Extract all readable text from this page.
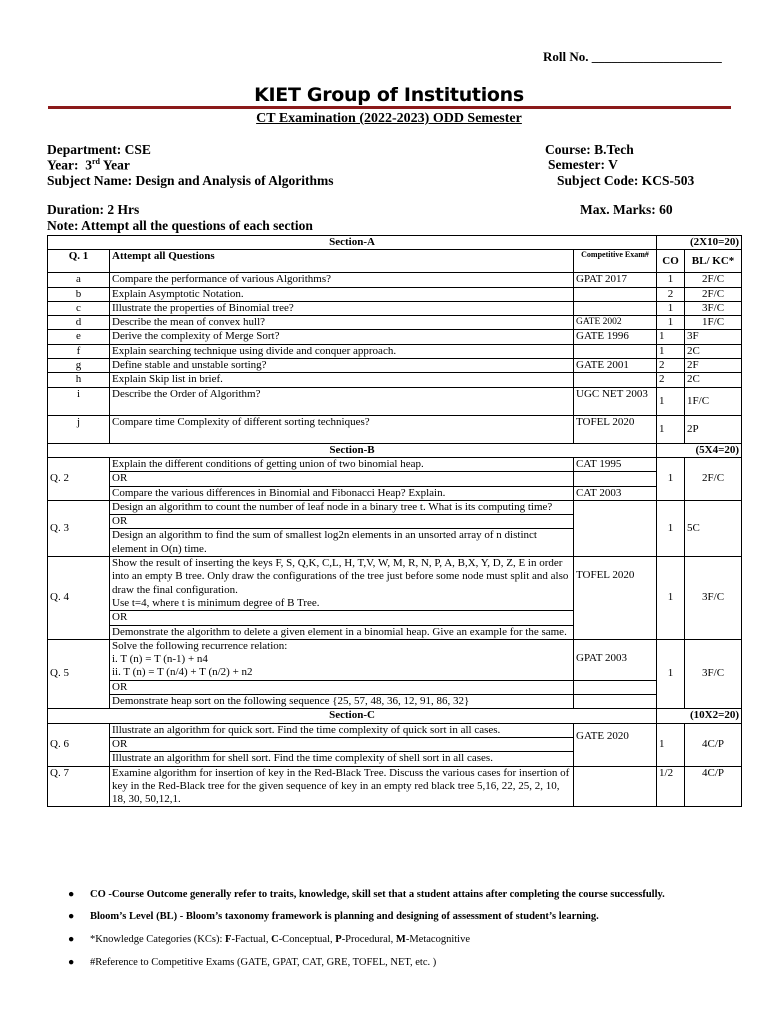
Roll No. ____________________
KIET Group of Institutions
CT Examination (2022-2023) ODD Semester
Department: CSE
Year:  3rd Year
Subject Name: Design and Analysis of Algorithms
Course: B.Tech
Semester: V
Subject Code: KCS-503
Duration: 2 Hrs	Max. Marks: 60
Note: Attempt all the questions of each section
Section-A			(2X10=20)	
Q. 1	Attempt all Questions	Competitive Exam#	CO	BL/ KC*
a	Compare the performance of various Algorithms?	GPAT 2017	1	2F/C
b	Explain Asymptotic Notation.		2	2F/C
c	Illustrate the properties of Binomial tree?		1	3F/C
d	Describe the mean of convex hull?	GATE 2002	1	1F/C
e	Derive the complexity of Merge Sort?	GATE 1996	1	3F
f	Explain searching technique using divide and conquer approach.		1	2C
g	Define stable and unstable sorting?	GATE 2001	2	2F
h	Explain Skip list in brief.		2	2C
i	Describe the Order of Algorithm?	UGC NET 2003	1	1F/C
j	Compare time Complexity of different sorting techniques?	TOFEL 2020	1	2P
Section-B			(5X4=20)	
Q. 2	Explain the different conditions of getting union of two binomial heap.	CAT 1995	1	2F/C
	OR			
	Compare the various differences in Binomial and Fibonacci Heap? Explain.	CAT 2003		
Q. 3	Design an algorithm to count the number of leaf node in a binary tree t. What is its computing time?		1	5C
	OR			
	Design an algorithm to find the sum of smallest log2n elements in an unsorted array of n distinct element in O(n) time.			
Q. 4	Show the result of inserting the keys F, S, Q,K, C,L, H, T,V, W, M, R, N, P, A, B,X, Y, D, Z, E in order into an empty B tree. Only draw the configurations of the tree just before some node must split and also draw the final configuration.
Use t=4, where t is minimum degree of B Tree.	TOFEL 2020	1	3F/C
	OR			
	Demonstrate the algorithm to delete a given element in a binomial heap. Give an example for the same.			
Q. 5	Solve the following recurrence relation:
i. T (n) = T (n-1) + n4
ii. T (n) = T (n/4) + T (n/2) + n2	GPAT 2003	1	3F/C
	OR			
	Demonstrate heap sort on the following sequence {25, 57, 48, 36, 12, 91, 86, 32}			
Section-C			(10X2=20)	
Q. 6	Illustrate an algorithm for quick sort. Find the time complexity of quick sort in all cases.	GATE 2020	1	4C/P
	OR			
	Illustrate an algorithm for shell sort. Find the time complexity of shell sort in all cases.			
Q. 7	Examine algorithm for insertion of key in the Red-Black Tree. Discuss the various cases for insertion of key in the Red-Black tree for the given sequence of key in an empty red black tree 5,16, 22, 25, 2, 10, 18, 30, 50,12,1.		1/2	4C/P
● CO -Course Outcome generally refer to traits, knowledge, skill set that a student attains after completing the course successfully.
● Bloom’s Level (BL) - Bloom’s taxonomy framework is planning and designing of assessment of student’s learning.
● *Knowledge Categories (KCs): F-Factual, C-Conceptual, P-Procedural, M-Metacognitive
● #Reference to Competitive Exams (GATE, GPAT, CAT, GRE, TOFEL, NET, etc. )
